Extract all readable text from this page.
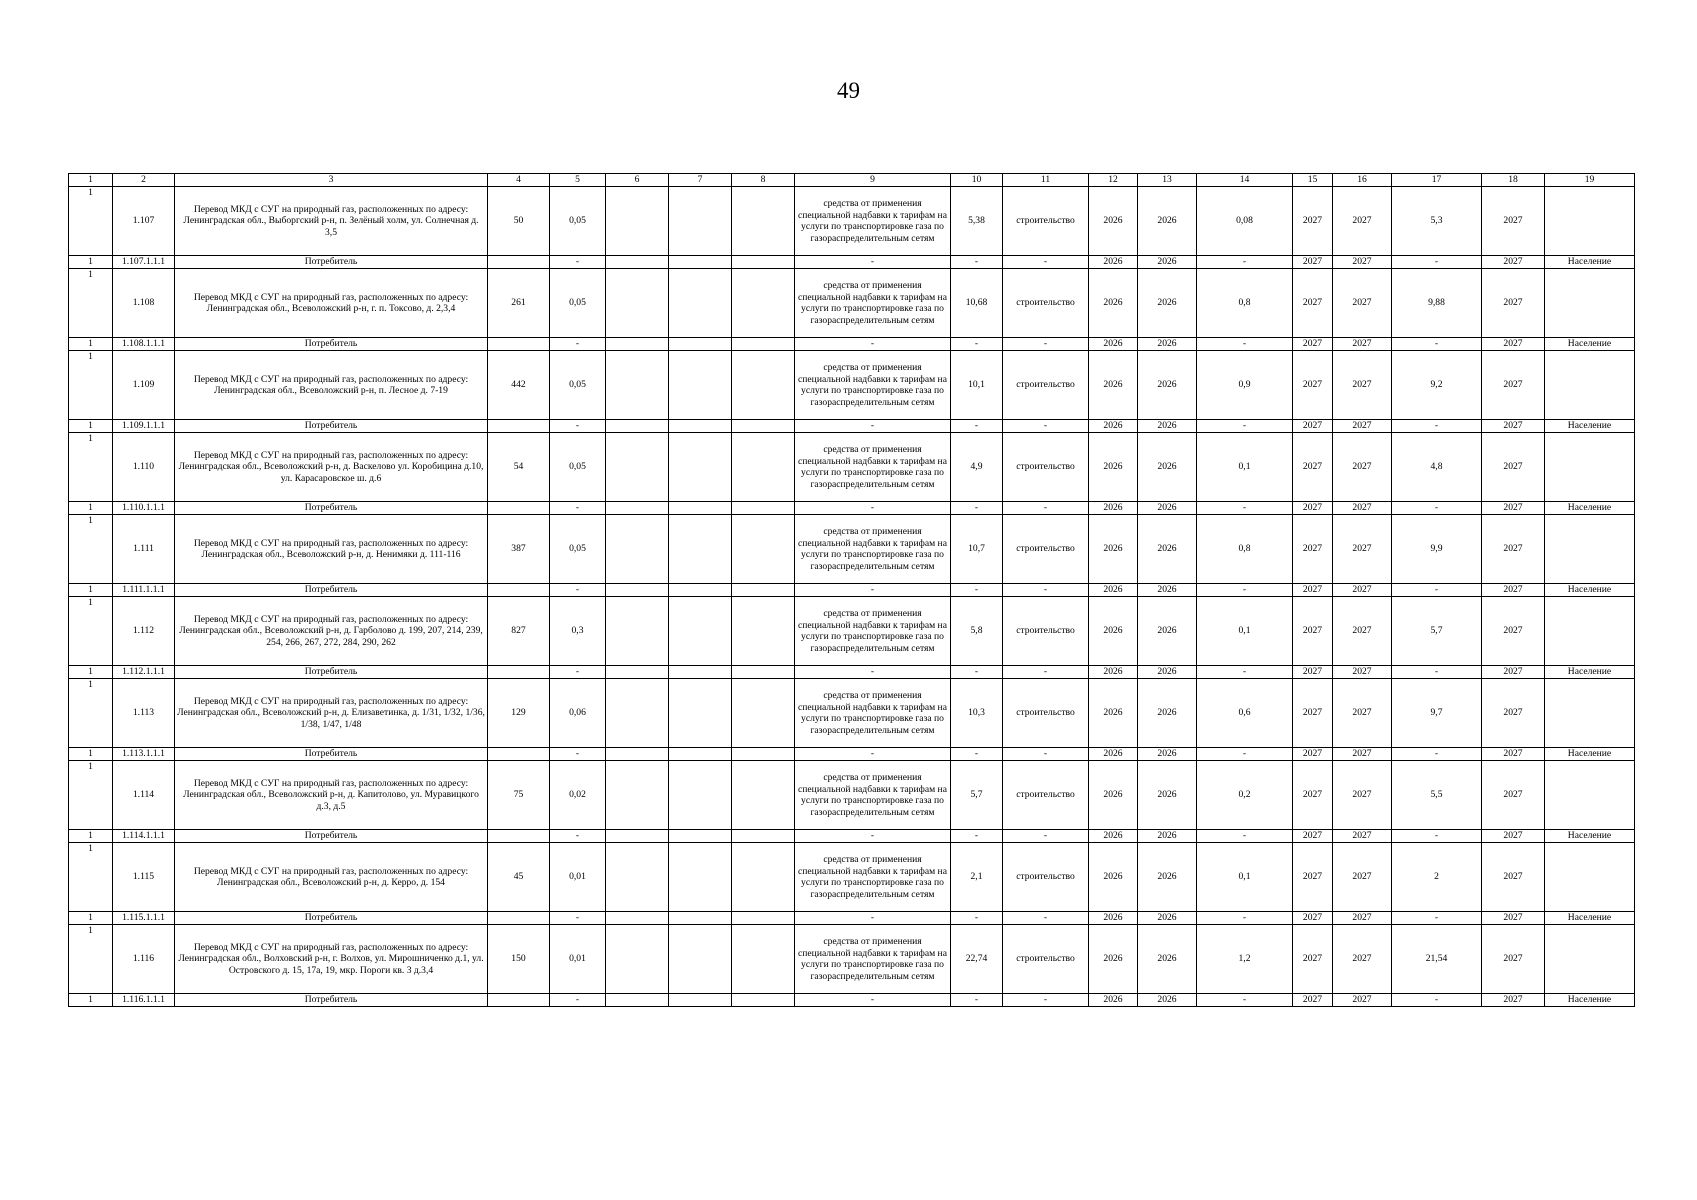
49
1	2	3	4	5	6	7	8	9	10	11	12	13	14	15	16	17	18	19
1	1.107	Перевод МКД с СУГ на природный газ, расположенных по адресу: Ленинградская обл., Выборгский р-н, п. Зелёный холм, ул. Солнечная д. 3,5	50	0,05				средства от применения специальной надбавки к тарифам на услуги по транспортировке газа по газораспределительным сетям	5,38	строительство	2026	2026	0,08	2027	2027	5,3	2027	
1	1.107.1.1.1	Потребитель		-				-	-	-	2026	2026	-	2027	2027	-	2027	Население
1	1.108	Перевод МКД с СУГ на природный газ, расположенных по адресу: Ленинградская обл., Всеволожский р-н, г. п. Токсово, д. 2,3,4	261	0,05				средства от применения специальной надбавки к тарифам на услуги по транспортировке газа по газораспределительным сетям	10,68	строительство	2026	2026	0,8	2027	2027	9,88	2027	
1	1.108.1.1.1	Потребитель		-				-	-	-	2026	2026	-	2027	2027	-	2027	Население
1	1.109	Перевод МКД с СУГ на природный газ, расположенных по адресу: Ленинградская обл., Всеволожский р-н, п. Лесное д. 7-19	442	0,05				средства от применения специальной надбавки к тарифам на услуги по транспортировке газа по газораспределительным сетям	10,1	строительство	2026	2026	0,9	2027	2027	9,2	2027	
1	1.109.1.1.1	Потребитель		-				-	-	-	2026	2026	-	2027	2027	-	2027	Население
1	1.110	Перевод МКД с СУГ на природный газ, расположенных по адресу: Ленинградская обл., Всеволожский р-н, д. Васкелово ул. Коробицина д.10, ул. Карасаровское ш. д.6	54	0,05				средства от применения специальной надбавки к тарифам на услуги по транспортировке газа по газораспределительным сетям	4,9	строительство	2026	2026	0,1	2027	2027	4,8	2027	
1	1.110.1.1.1	Потребитель		-				-	-	-	2026	2026	-	2027	2027	-	2027	Население
1	1.111	Перевод МКД с СУГ на природный газ, расположенных по адресу: Ленинградская обл., Всеволожский р-н, д. Ненимяки д. 111-116	387	0,05				средства от применения специальной надбавки к тарифам на услуги по транспортировке газа по газораспределительным сетям	10,7	строительство	2026	2026	0,8	2027	2027	9,9	2027	
1	1.111.1.1.1	Потребитель		-				-	-	-	2026	2026	-	2027	2027	-	2027	Население
1	1.112	Перевод МКД с СУГ на природный газ, расположенных по адресу: Ленинградская обл., Всеволожский р-н, д. Гарболово д. 199, 207, 214, 239, 254, 266, 267, 272, 284, 290, 262	827	0,3				средства от применения специальной надбавки к тарифам на услуги по транспортировке газа по газораспределительным сетям	5,8	строительство	2026	2026	0,1	2027	2027	5,7	2027	
1	1.112.1.1.1	Потребитель		-				-	-	-	2026	2026	-	2027	2027	-	2027	Население
1	1.113	Перевод МКД с СУГ на природный газ, расположенных по адресу: Ленинградская обл., Всеволожский р-н, д. Елизаветинка, д. 1/31, 1/32, 1/36, 1/38, 1/47, 1/48	129	0,06				средства от применения специальной надбавки к тарифам на услуги по транспортировке газа по газораспределительным сетям	10,3	строительство	2026	2026	0,6	2027	2027	9,7	2027	
1	1.113.1.1.1	Потребитель		-				-	-	-	2026	2026	-	2027	2027	-	2027	Население
1	1.114	Перевод МКД с СУГ на природный газ, расположенных по адресу: Ленинградская обл., Всеволожский р-н, д. Капитолово, ул. Муравицкого д.3, д.5	75	0,02				средства от применения специальной надбавки к тарифам на услуги по транспортировке газа по газораспределительным сетям	5,7	строительство	2026	2026	0,2	2027	2027	5,5	2027	
1	1.114.1.1.1	Потребитель		-				-	-	-	2026	2026	-	2027	2027	-	2027	Население
1	1.115	Перевод МКД с СУГ на природный газ, расположенных по адресу: Ленинградская обл., Всеволожский р-н, д. Керро, д. 154	45	0,01				средства от применения специальной надбавки к тарифам на услуги по транспортировке газа по газораспределительным сетям	2,1	строительство	2026	2026	0,1	2027	2027	2	2027	
1	1.115.1.1.1	Потребитель		-				-	-	-	2026	2026	-	2027	2027	-	2027	Население
1	1.116	Перевод МКД с СУГ на природный газ, расположенных по адресу: Ленинградская обл., Волховский р-н, г. Волхов, ул. Мирошниченко д.1, ул. Островского д. 15, 17а, 19, мкр. Пороги кв. 3 д.3,4	150	0,01				средства от применения специальной надбавки к тарифам на услуги по транспортировке газа по газораспределительным сетям	22,74	строительство	2026	2026	1,2	2027	2027	21,54	2027	
1	1.116.1.1.1	Потребитель		-				-	-	-	2026	2026	-	2027	2027	-	2027	Население
